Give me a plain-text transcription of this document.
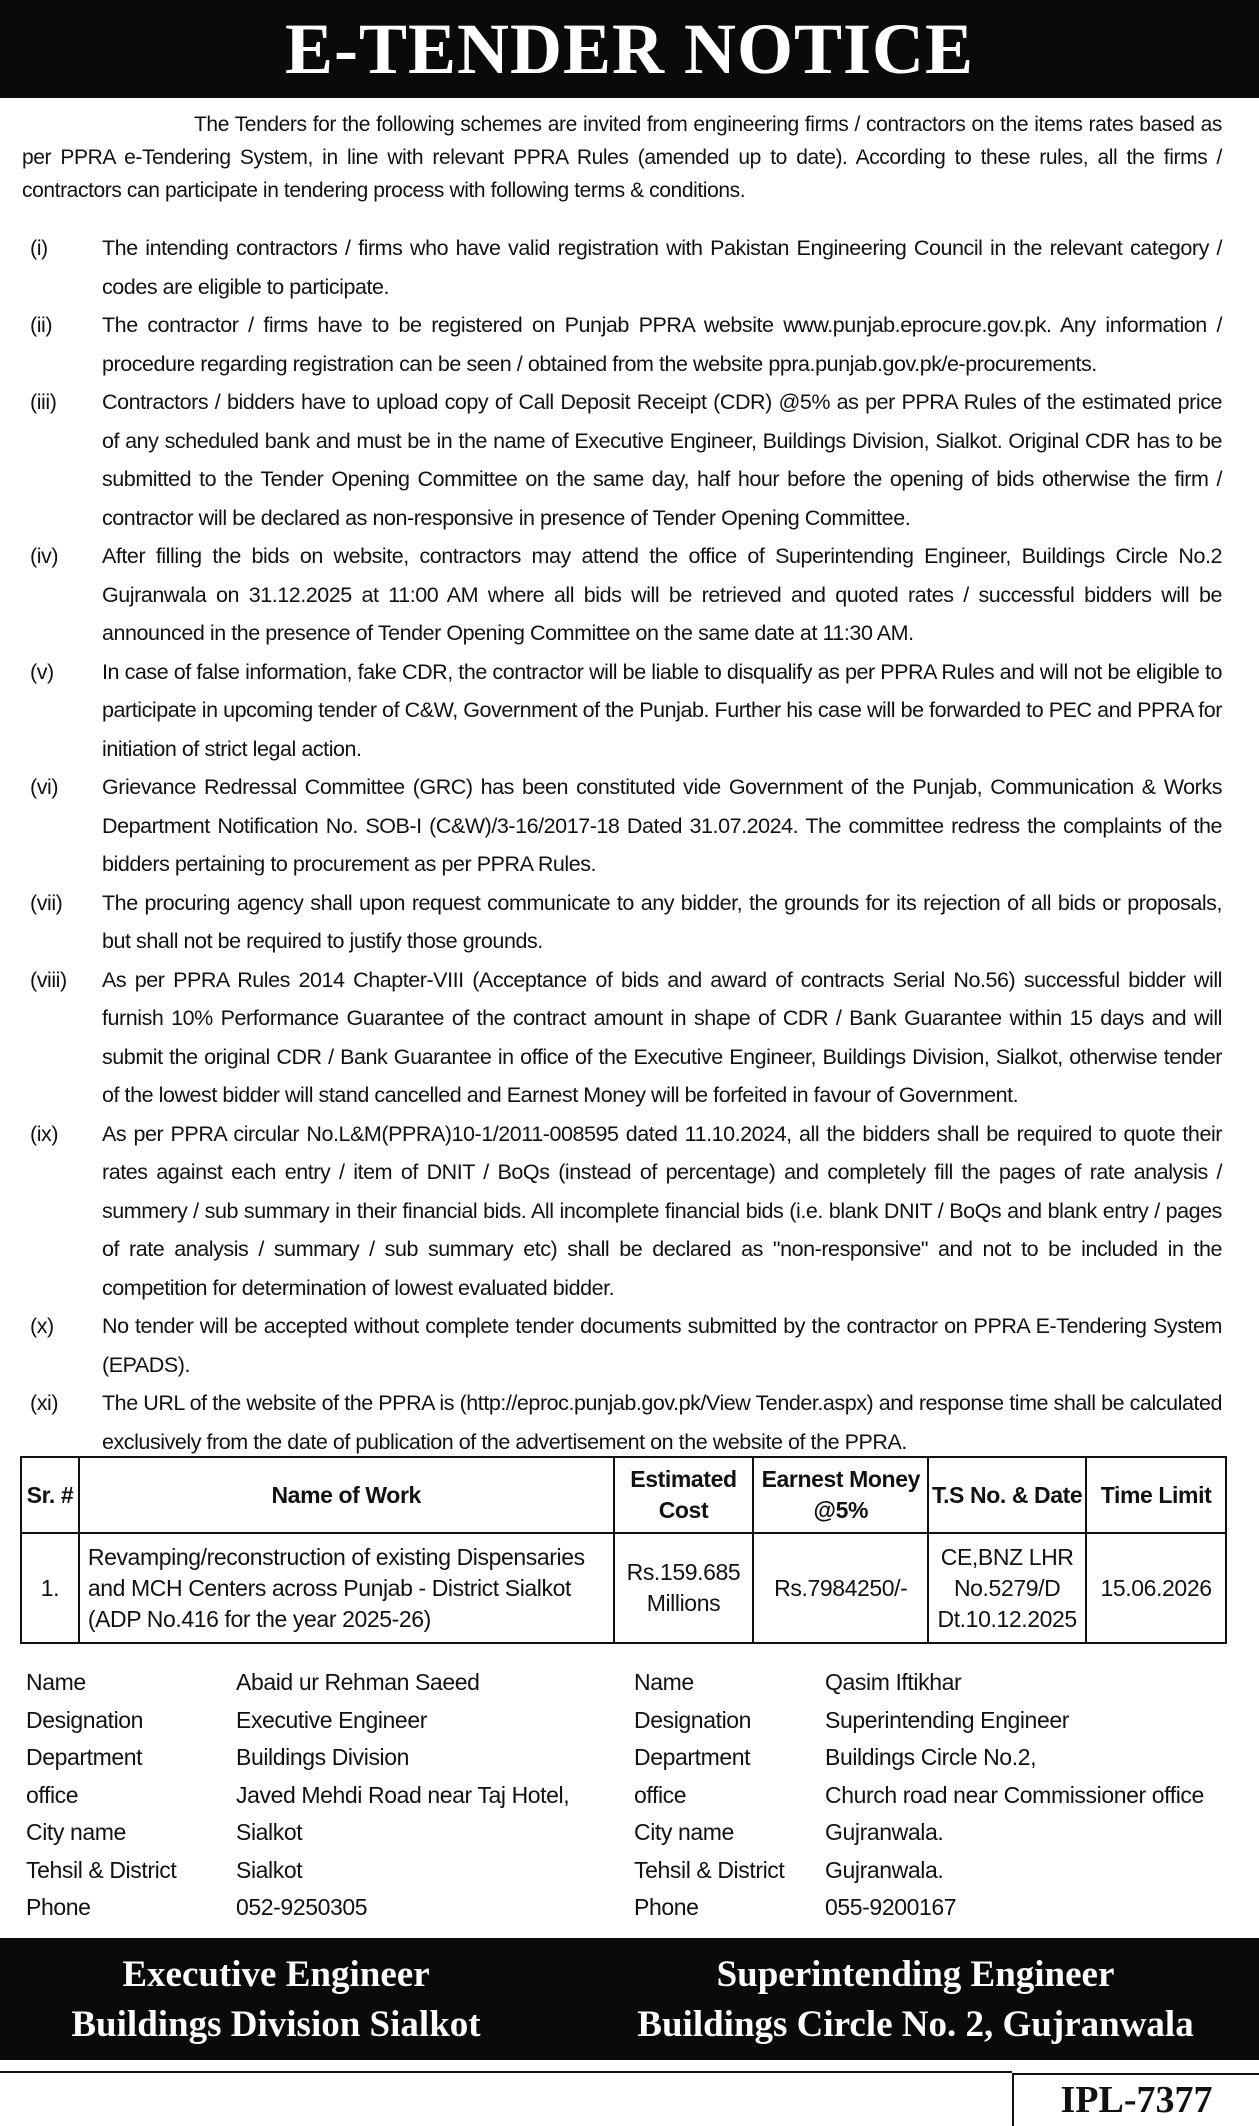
E-TENDER NOTICE

The Tenders for the following schemes are invited from engineering firms / contractors on the items rates based as per PPRA e-Tendering System, in line with relevant PPRA Rules (amended up to date). According to these rules, all the firms / contractors can participate in tendering process with following terms & conditions.

(i)	The intending contractors / firms who have valid registration with Pakistan Engineering Council in the relevant category / codes are eligible to participate.
(ii)	The contractor / firms have to be registered on Punjab PPRA website www.punjab.eprocure.gov.pk. Any information / procedure regarding registration can be seen / obtained from the website ppra.punjab.gov.pk/e-procurements.
(iii)	Contractors / bidders have to upload copy of Call Deposit Receipt (CDR) @5% as per PPRA Rules of the estimated price of any scheduled bank and must be in the name of Executive Engineer, Buildings Division, Sialkot. Original CDR has to be submitted to the Tender Opening Committee on the same day, half hour before the opening of bids otherwise the firm / contractor will be declared as non-responsive in presence of Tender Opening Committee.
(iv)	After filling the bids on website, contractors may attend the office of Superintending Engineer, Buildings Circle No.2 Gujranwala on 31.12.2025 at 11:00 AM where all bids will be retrieved and quoted rates / successful bidders will be announced in the presence of Tender Opening Committee on the same date at 11:30 AM.
(v)	In case of false information, fake CDR, the contractor will be liable to disqualify as per PPRA Rules and will not be eligible to participate in upcoming tender of C&W, Government of the Punjab. Further his case will be forwarded to PEC and PPRA for initiation of strict legal action.
(vi)	Grievance Redressal Committee (GRC) has been constituted vide Government of the Punjab, Communication & Works Department Notification No. SOB-I (C&W)/3-16/2017-18 Dated 31.07.2024. The committee redress the complaints of the bidders pertaining to procurement as per PPRA Rules.
(vii)	The procuring agency shall upon request communicate to any bidder, the grounds for its rejection of all bids or proposals, but shall not be required to justify those grounds.
(viii)	As per PPRA Rules 2014 Chapter-VIII (Acceptance of bids and award of contracts Serial No.56) successful bidder will furnish 10% Performance Guarantee of the contract amount in shape of CDR / Bank Guarantee within 15 days and will submit the original CDR / Bank Guarantee in office of the Executive Engineer, Buildings Division, Sialkot, otherwise tender of the lowest bidder will stand cancelled and Earnest Money will be forfeited in favour of Government.
(ix)	As per PPRA circular No.L&M(PPRA)10-1/2011-008595 dated 11.10.2024, all the bidders shall be required to quote their rates against each entry / item of DNIT / BoQs (instead of percentage) and completely fill the pages of rate analysis / summery / sub summary in their financial bids. All incomplete financial bids (i.e. blank DNIT / BoQs and blank entry / pages of rate analysis / summary / sub summary etc) shall be declared as "non-responsive" and not to be included in the competition for determination of lowest evaluated bidder.
(x)	No tender will be accepted without complete tender documents submitted by the contractor on PPRA E-Tendering System (EPADS).
(xi)	The URL of the website of the PPRA is (http://eproc.punjab.gov.pk/View Tender.aspx) and response time shall be calculated exclusively from the date of publication of the advertisement on the website of the PPRA.
Sr. #	Name of Work	Estimated Cost	Earnest Money @5%	T.S No. & Date	Time Limit
1.	Revamping/reconstruction of existing Dispensaries and MCH Centers across Punjab - District Sialkot (ADP No.416 for the year 2025-26)	Rs.159.685 Millions	Rs.7984250/-	CE,BNZ LHR No.5279/D Dt.10.12.2025	15.06.2026
Name	Abaid ur Rehman Saeed
Designation	Executive Engineer
Department	Buildings Division
office	Javed Mehdi Road near Taj Hotel,
City name	Sialkot
Tehsil & District	Sialkot
Phone	052-9250305
Name	Qasim Iftikhar
Designation	Superintending Engineer
Department	Buildings Circle No.2,
office	Church road near Commissioner office
City name	Gujranwala.
Tehsil & District	Gujranwala.
Phone	055-9200167
Executive Engineer
Buildings Division Sialkot
Superintending Engineer
Buildings Circle No. 2, Gujranwala
IPL-7377
